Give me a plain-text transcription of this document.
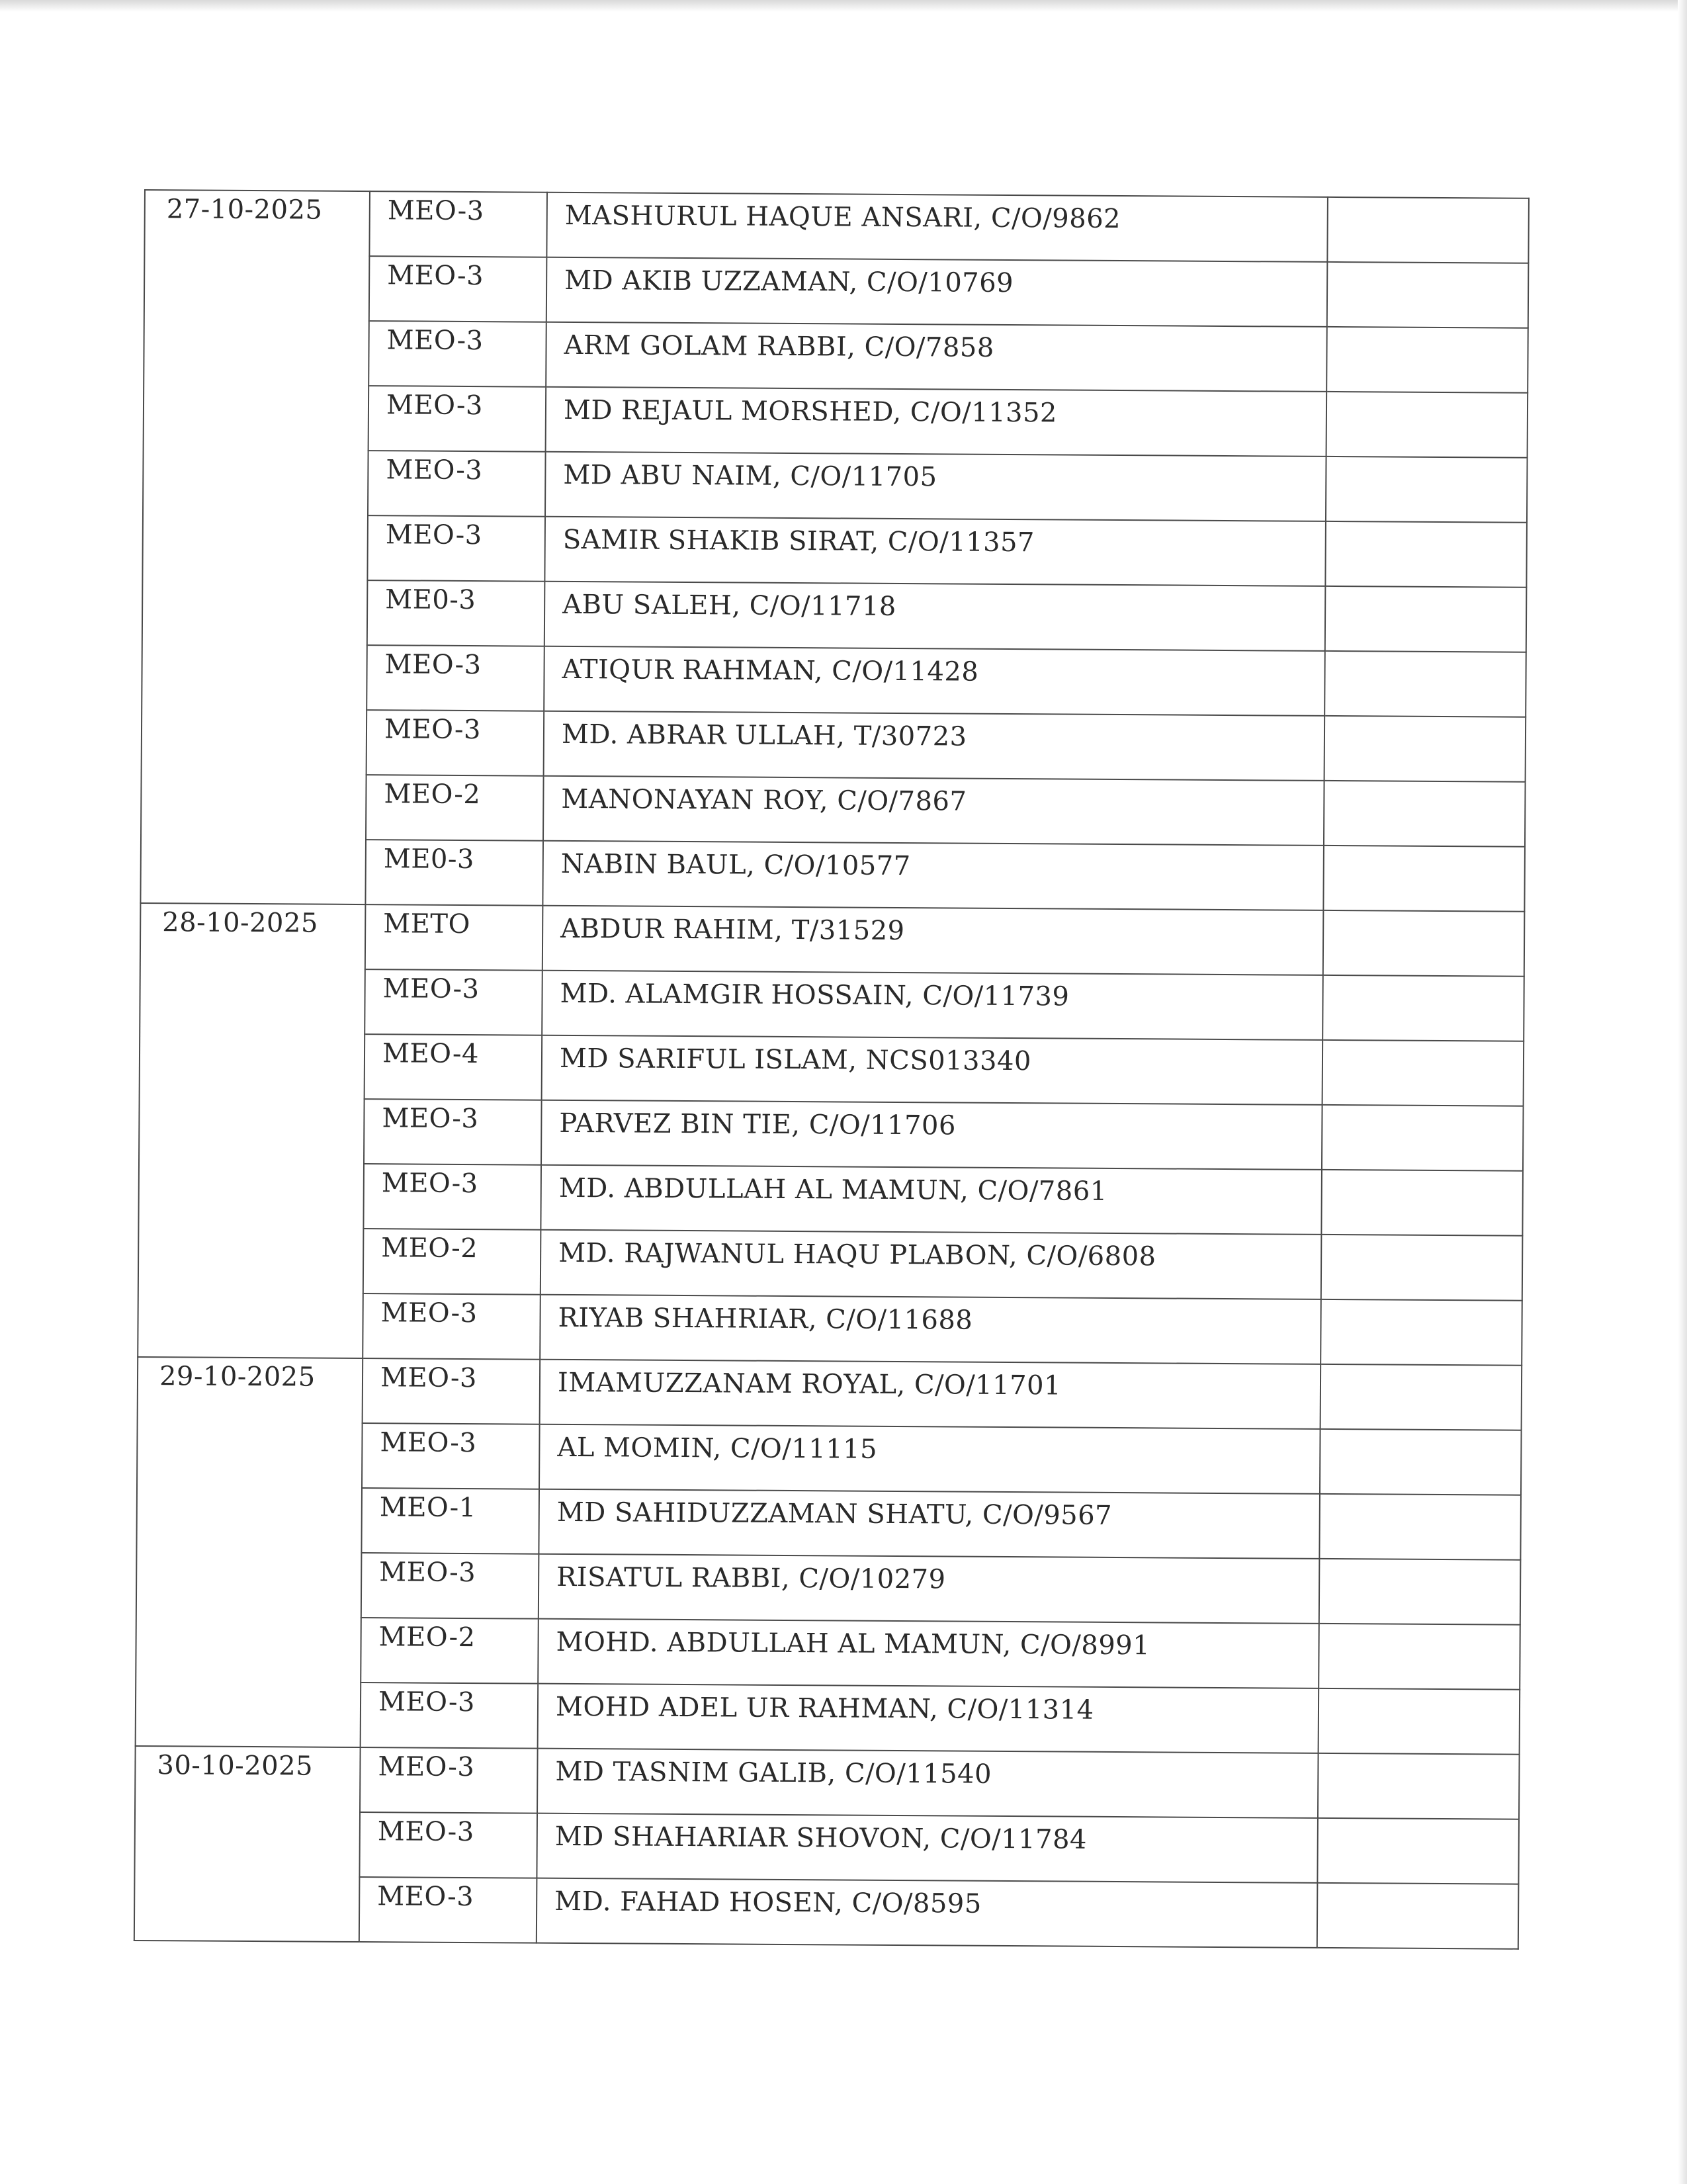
27-10-2025	MEO-3	MASHURUL HAQUE ANSARI, C/O/9862	

	MEO-3	MD AKIB UZZAMAN, C/O/10769	

	MEO-3	ARM GOLAM RABBI, C/O/7858	

	MEO-3	MD REJAUL MORSHED, C/O/11352	

	MEO-3	MD ABU NAIM, C/O/11705	

	MEO-3	SAMIR SHAKIB SIRAT, C/O/11357	

	ME0-3	ABU SALEH, C/O/11718	

	MEO-3	ATIQUR RAHMAN, C/O/11428	

	MEO-3	MD. ABRAR ULLAH, T/30723	

	MEO-2	MANONAYAN ROY, C/O/7867	

	ME0-3	NABIN BAUL, C/O/10577	

28-10-2025	METO	ABDUR RAHIM, T/31529	

	MEO-3	MD. ALAMGIR HOSSAIN, C/O/11739	

	MEO-4	MD SARIFUL ISLAM, NCS013340	

	MEO-3	PARVEZ BIN TIE, C/O/11706	

	MEO-3	MD. ABDULLAH AL MAMUN, C/O/7861	

	MEO-2	MD. RAJWANUL HAQU PLABON, C/O/6808	

	MEO-3	RIYAB SHAHRIAR, C/O/11688	

29-10-2025	MEO-3	IMAMUZZANAM ROYAL, C/O/11701	

	MEO-3	AL MOMIN, C/O/11115	

	MEO-1	MD SAHIDUZZAMAN SHATU, C/O/9567	

	MEO-3	RISATUL RABBI, C/O/10279	

	MEO-2	MOHD. ABDULLAH AL MAMUN, C/O/8991	

	MEO-3	MOHD ADEL UR RAHMAN, C/O/11314	

30-10-2025	MEO-3	MD TASNIM GALIB, C/O/11540	

	MEO-3	MD SHAHARIAR SHOVON, C/O/11784	

	MEO-3	MD. FAHAD HOSEN, C/O/8595	
